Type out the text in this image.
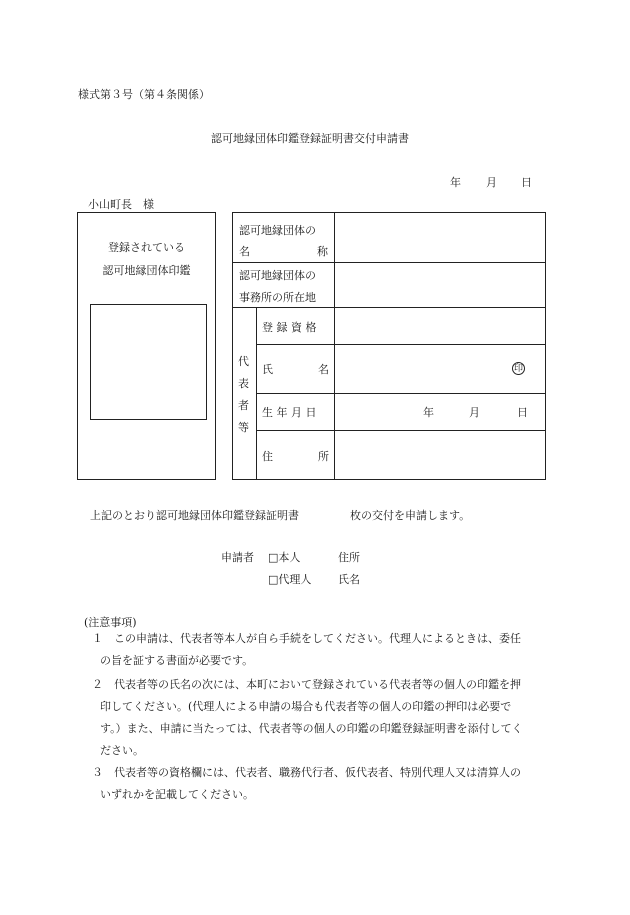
様式第３号（第４条関係）
認可地縁団体印鑑登録証明書交付申請書
年 月 日
小山町長　様
登録されている
認可地縁団体印鑑
認可地縁団体の
名	称
認可地縁団体の
事務所の所在地
代
表
者
等
登 録 資 格
氏	名	印
生 年 月 日	年	月	日
住	所
上記のとおり認可地縁団体印鑑登録証明書	枚の交付を申請します。
申請者 □本人	住所
□代理人 氏名
(注意事項)
１　この申請は、代表者等本人が自ら手続をしてください。代理人によるときは、委任
の旨を証する書面が必要です。
２　代表者等の氏名の次には、本町において登録されている代表者等の個人の印鑑を押
印してください。(代理人による申請の場合も代表者等の個人の印鑑の押印は必要で
す。）また、申請に当たっては、代表者等の個人の印鑑の印鑑登録証明書を添付してく
ださい。
３　代表者等の資格欄には、代表者、職務代行者、仮代表者、特別代理人又は清算人の
いずれかを記載してください。
